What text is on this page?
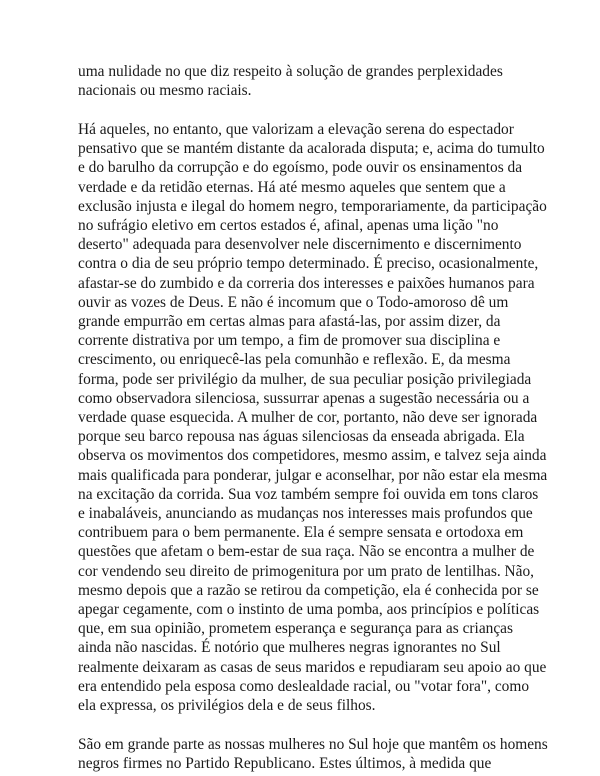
uma nulidade no que diz respeito à solução de grandes perplexidades
nacionais ou mesmo raciais.

Há aqueles, no entanto, que valorizam a elevação serena do espectador
pensativo que se mantém distante da acalorada disputa; e, acima do tumulto
e do barulho da corrupção e do egoísmo, pode ouvir os ensinamentos da
verdade e da retidão eternas. Há até mesmo aqueles que sentem que a
exclusão injusta e ilegal do homem negro, temporariamente, da participação
no sufrágio eletivo em certos estados é, afinal, apenas uma lição "no
deserto" adequada para desenvolver nele discernimento e discernimento
contra o dia de seu próprio tempo determinado. É preciso, ocasionalmente,
afastar-se do zumbido e da correria dos interesses e paixões humanos para
ouvir as vozes de Deus. E não é incomum que o Todo-amoroso dê um
grande empurrão em certas almas para afastá-las, por assim dizer, da
corrente distrativa por um tempo, a fim de promover sua disciplina e
crescimento, ou enriquecê-las pela comunhão e reflexão. E, da mesma
forma, pode ser privilégio da mulher, de sua peculiar posição privilegiada
como observadora silenciosa, sussurrar apenas a sugestão necessária ou a
verdade quase esquecida. A mulher de cor, portanto, não deve ser ignorada
porque seu barco repousa nas águas silenciosas da enseada abrigada. Ela
observa os movimentos dos competidores, mesmo assim, e talvez seja ainda
mais qualificada para ponderar, julgar e aconselhar, por não estar ela mesma
na excitação da corrida. Sua voz também sempre foi ouvida em tons claros
e inabaláveis, anunciando as mudanças nos interesses mais profundos que
contribuem para o bem permanente. Ela é sempre sensata e ortodoxa em
questões que afetam o bem-estar de sua raça. Não se encontra a mulher de
cor vendendo seu direito de primogenitura por um prato de lentilhas. Não,
mesmo depois que a razão se retirou da competição, ela é conhecida por se
apegar cegamente, com o instinto de uma pomba, aos princípios e políticas
que, em sua opinião, prometem esperança e segurança para as crianças
ainda não nascidas. É notório que mulheres negras ignorantes no Sul
realmente deixaram as casas de seus maridos e repudiaram seu apoio ao que
era entendido pela esposa como deslealdade racial, ou "votar fora", como
ela expressa, os privilégios dela e de seus filhos.

São em grande parte as nossas mulheres no Sul hoje que mantêm os homens
negros firmes no Partido Republicano. Estes últimos, à medida que
